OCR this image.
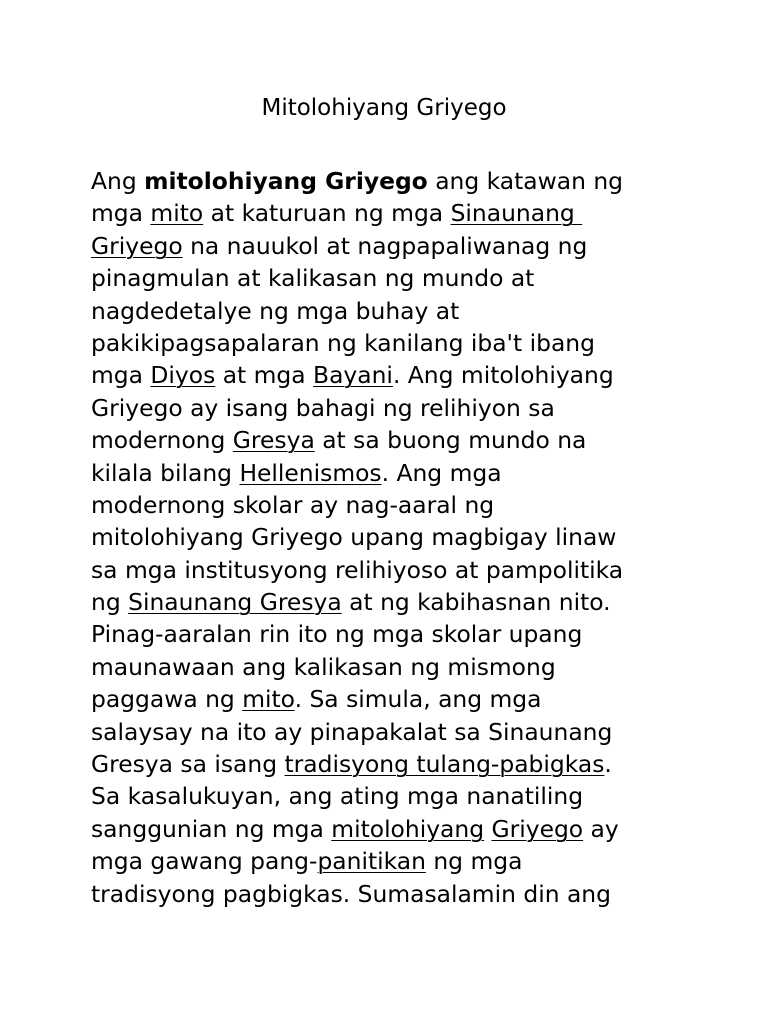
Mitolohiyang Griyego
Ang mitolohiyang Griyego ang katawan ng
mga mito at katuruan ng mga Sinaunang
Griyego na nauukol at nagpapaliwanag ng
pinagmulan at kalikasan ng mundo at
nagdedetalye ng mga buhay at
pakikipagsapalaran ng kanilang iba't ibang
mga Diyos at mga Bayani. Ang mitolohiyang
Griyego ay isang bahagi ng relihiyon sa
modernong Gresya at sa buong mundo na
kilala bilang Hellenismos. Ang mga
modernong skolar ay nag-aaral ng
mitolohiyang Griyego upang magbigay linaw
sa mga institusyong relihiyoso at pampolitika
ng Sinaunang Gresya at ng kabihasnan nito.
Pinag-aaralan rin ito ng mga skolar upang
maunawaan ang kalikasan ng mismong
paggawa ng mito. Sa simula, ang mga
salaysay na ito ay pinapakalat sa Sinaunang
Gresya sa isang tradisyong tulang-pabigkas.
Sa kasalukuyan, ang ating mga nanatiling
sanggunian ng mga mitolohiyang Griyego ay
mga gawang pang-panitikan ng mga
tradisyong pagbigkas. Sumasalamin din ang
